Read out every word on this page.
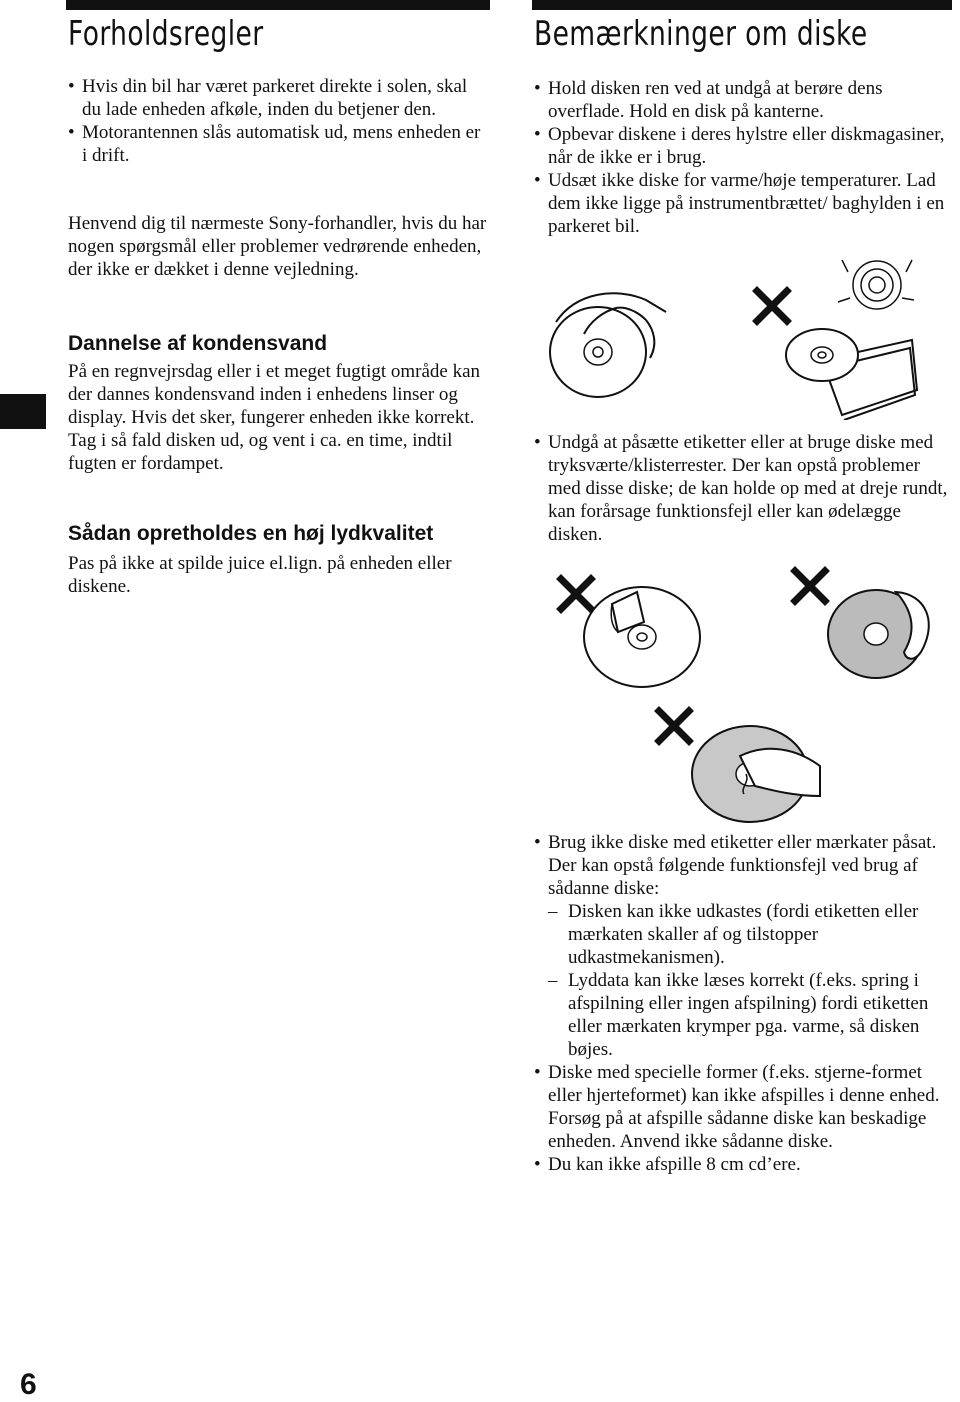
Forholdsregler
• Hvis din bil har været parkeret direkte i solen, skal du lade enheden afkøle, inden du betjener den.
• Motorantennen slås automatisk ud, mens enheden er i drift.

Henvend dig til nærmeste Sony-forhandler, hvis du har nogen spørgsmål eller problemer vedrørende enheden, der ikke er dækket i denne vejledning.

Dannelse af kondensvand

På en regnvejrsdag eller i et meget fugtigt område kan der dannes kondensvand inden i enhedens linser og display. Hvis det sker, fungerer enheden ikke korrekt. Tag i så fald disken ud, og vent i ca. en time, indtil fugten er fordampet.

Sådan opretholdes en høj lydkvalitet

Pas på ikke at spilde juice el.lign. på enheden eller diskene.

6
Bemærkninger om diske
• Hold disken ren ved at undgå at berøre dens overflade. Hold en disk på kanterne.
• Opbevar diskene i deres hylstre eller diskmagasiner, når de ikke er i brug.
• Udsæt ikke diske for varme/høje temperaturer. Lad dem ikke ligge på instrumentbrættet/ baghylden i en parkeret bil.
• Undgå at påsætte etiketter eller at bruge diske med tryksværte/klisterrester. Der kan opstå problemer med disse diske; de kan holde op med at dreje rundt, kan forårsage funktionsfejl eller kan ødelægge disken.
• Brug ikke diske med etiketter eller mærkater påsat.
Der kan opstå følgende funktionsfejl ved brug af sådanne diske:
– Disken kan ikke udkastes (fordi etiketten eller mærkaten skaller af og tilstopper udkastmekanismen).
– Lyddata kan ikke læses korrekt (f.eks. spring i afspilning eller ingen afspilning) fordi etiketten eller mærkaten krymper pga. varme, så disken bøjes.
• Diske med specielle former (f.eks. stjerne-formet eller hjerteformet) kan ikke afspilles i denne enhed. Forsøg på at afspille sådanne diske kan beskadige enheden. Anvend ikke sådanne diske.
• Du kan ikke afspille 8 cm cd’ere.
